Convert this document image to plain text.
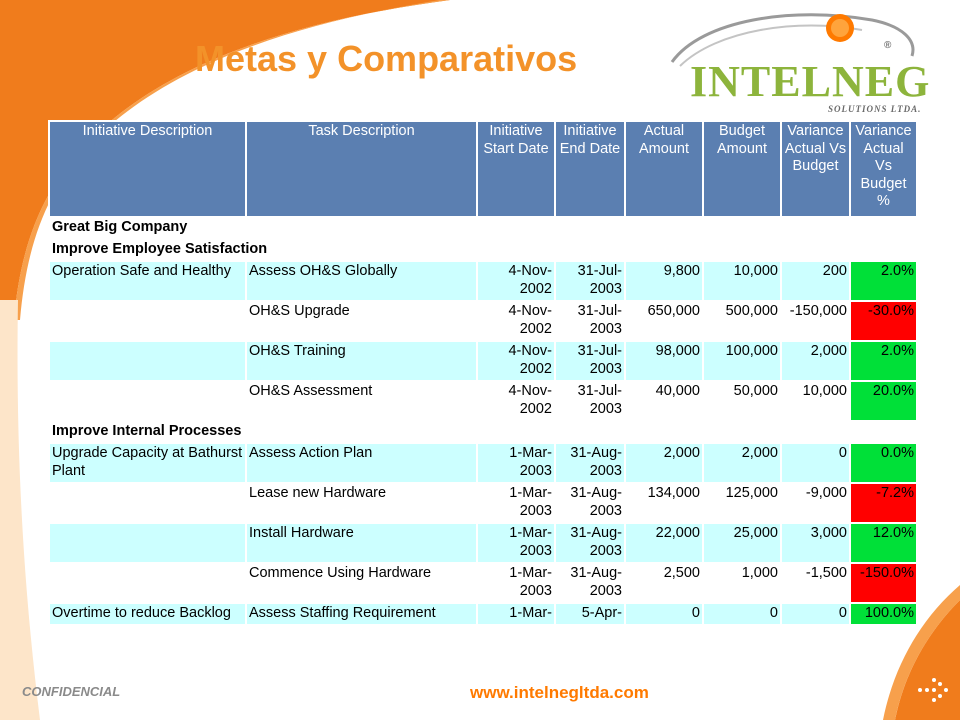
Metas y Comparativos	®
INTELNEG
SOLUTIONS LTDA.
Initiative Description	Task Description	Initiative Start Date	Initiative End Date	Actual Amount	Budget Amount	Variance Actual Vs Budget	Variance Actual Vs Budget %
Great Big Company							
Improve Employee Satisfaction							
Operation Safe and Healthy	Assess OH&S Globally	4-Nov-2002	31-Jul-2003	9,800	10,000	200	2.0%
	OH&S Upgrade	4-Nov-2002	31-Jul-2003	650,000	500,000	-150,000	-30.0%
	OH&S Training	4-Nov-2002	31-Jul-2003	98,000	100,000	2,000	2.0%
	OH&S Assessment	4-Nov-2002	31-Jul-2003	40,000	50,000	10,000	20.0%
Improve Internal Processes							
Upgrade Capacity at Bathurst Plant	Assess Action Plan	1-Mar-2003	31-Aug-2003	2,000	2,000	0	0.0%
	Lease new Hardware	1-Mar-2003	31-Aug-2003	134,000	125,000	-9,000	-7.2%
	Install Hardware	1-Mar-2003	31-Aug-2003	22,000	25,000	3,000	12.0%
	Commence Using Hardware	1-Mar-2003	31-Aug-2003	2,500	1,000	-1,500	-150.0%
Overtime to reduce Backlog	Assess Staffing Requirement	1-Mar-	5-Apr-	0	0	0	100.0%
CONFIDENCIAL	www.intelnegltda.com
